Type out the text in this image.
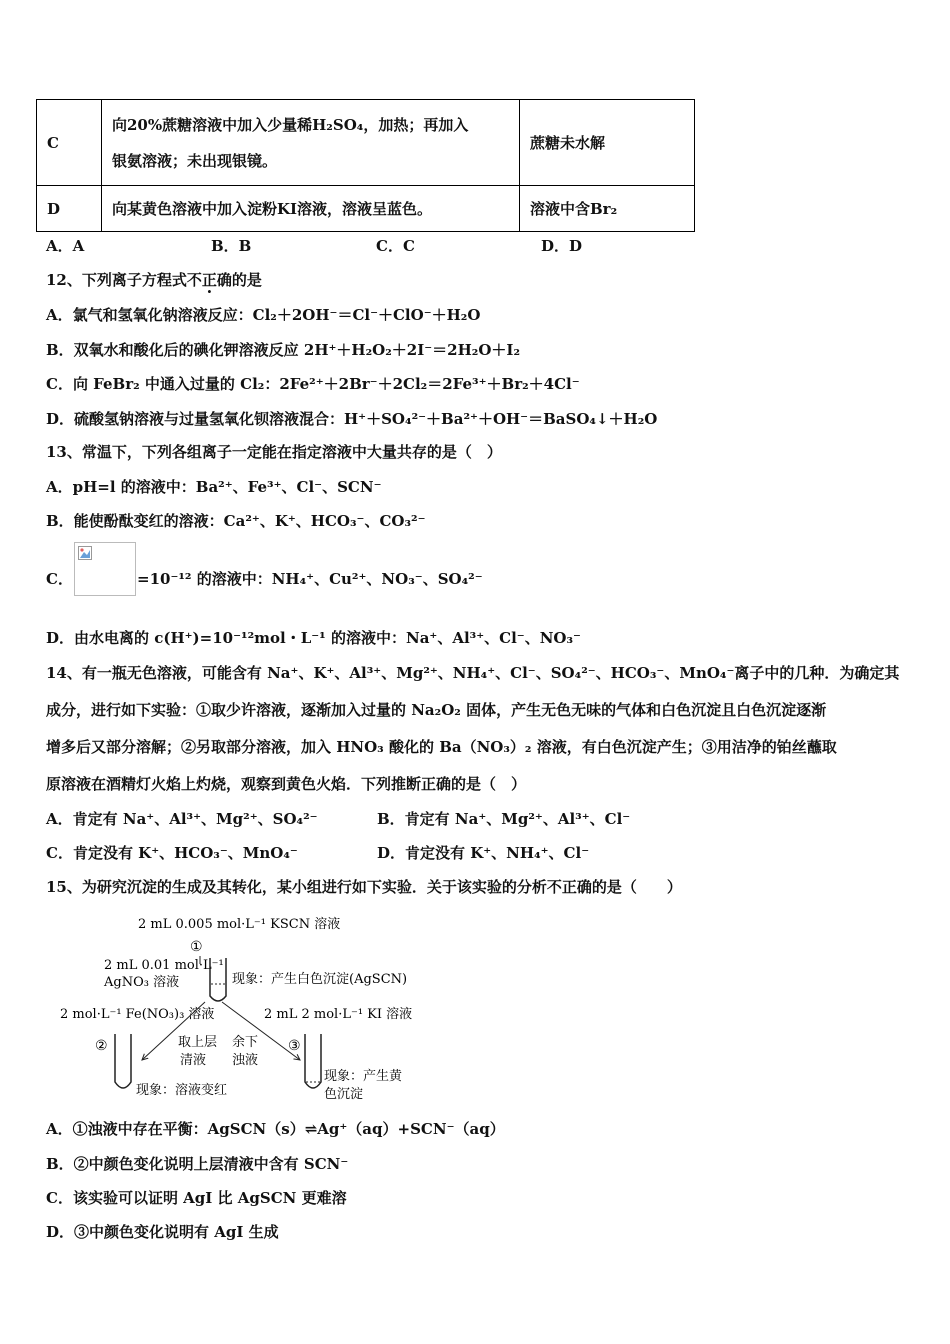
C	向20%蔗糖溶液中加入少量稀H₂SO₄，加热；再加入
银氨溶液；未出现银镜。	蔗糖未水解
D	向某黄色溶液中加入淀粉KI溶液，溶液呈蓝色。	溶液中含Br₂
A．A	B．B	C．C	D．D
12、下列离子方程式不正确的是
A．氯气和氢氧化钠溶液反应：Cl₂＋2OH⁻＝Cl⁻＋ClO⁻＋H₂O
B．双氧水和酸化后的碘化钾溶液反应 2H⁺＋H₂O₂＋2I⁻＝2H₂O＋I₂
C．向 FeBr₂ 中通入过量的 Cl₂：2Fe²⁺＋2Br⁻＋2Cl₂＝2Fe³⁺＋Br₂＋4Cl⁻
D．硫酸氢钠溶液与过量氢氧化钡溶液混合：H⁺＋SO₄²⁻＋Ba²⁺＋OH⁻＝BaSO₄↓＋H₂O
13、常温下，下列各组离子一定能在指定溶液中大量共存的是（　）
A．pH=l 的溶液中：Ba²⁺、Fe³⁺、Cl⁻、SCN⁻
B．能使酚酞变红的溶液：Ca²⁺、K⁺、HCO₃⁻、CO₃²⁻
C．	=10⁻¹² 的溶液中：NH₄⁺、Cu²⁺、NO₃⁻、SO₄²⁻
D．由水电离的 c(H⁺)=10⁻¹²mol・L⁻¹ 的溶液中：Na⁺、Al³⁺、Cl⁻、NO₃⁻
14、有一瓶无色溶液，可能含有 Na⁺、K⁺、Al³⁺、Mg²⁺、NH₄⁺、Cl⁻、SO₄²⁻、HCO₃⁻、MnO₄⁻离子中的几种．为确定其
成分，进行如下实验：①取少许溶液，逐渐加入过量的 Na₂O₂ 固体，产生无色无味的气体和白色沉淀且白色沉淀逐渐
增多后又部分溶解；②另取部分溶液，加入 HNO₃ 酸化的 Ba（NO₃）₂ 溶液，有白色沉淀产生；③用洁净的铂丝蘸取
原溶液在酒精灯火焰上灼烧，观察到黄色火焰．下列推断正确的是（　）
A．肯定有 Na⁺、Al³⁺、Mg²⁺、SO₄²⁻	B．肯定有 Na⁺、Mg²⁺、Al³⁺、Cl⁻
C．肯定没有 K⁺、HCO₃⁻、MnO₄⁻	D．肯定没有 K⁺、NH₄⁺、Cl⁻
15、为研究沉淀的生成及其转化，某小组进行如下实验．关于该实验的分析不正确的是（　　）
2 mL 0.005 mol·L⁻¹ KSCN 溶液
①
2 mL 0.01 mol·L⁻¹
AgNO₃ 溶液	现象：产生白色沉淀(AgSCN)
2 mol·L⁻¹ Fe(NO₃)₃ 溶液	2 mL 2 mol·L⁻¹ KI 溶液
取上层
清液
余下
浊液
②	③
现象：溶液变红
现象：产生黄
色沉淀
A．①浊液中存在平衡：AgSCN（s）⇌Ag⁺（aq）+SCN⁻（aq）
B．②中颜色变化说明上层清液中含有 SCN⁻
C．该实验可以证明 AgI 比 AgSCN 更难溶
D．③中颜色变化说明有 AgI 生成
